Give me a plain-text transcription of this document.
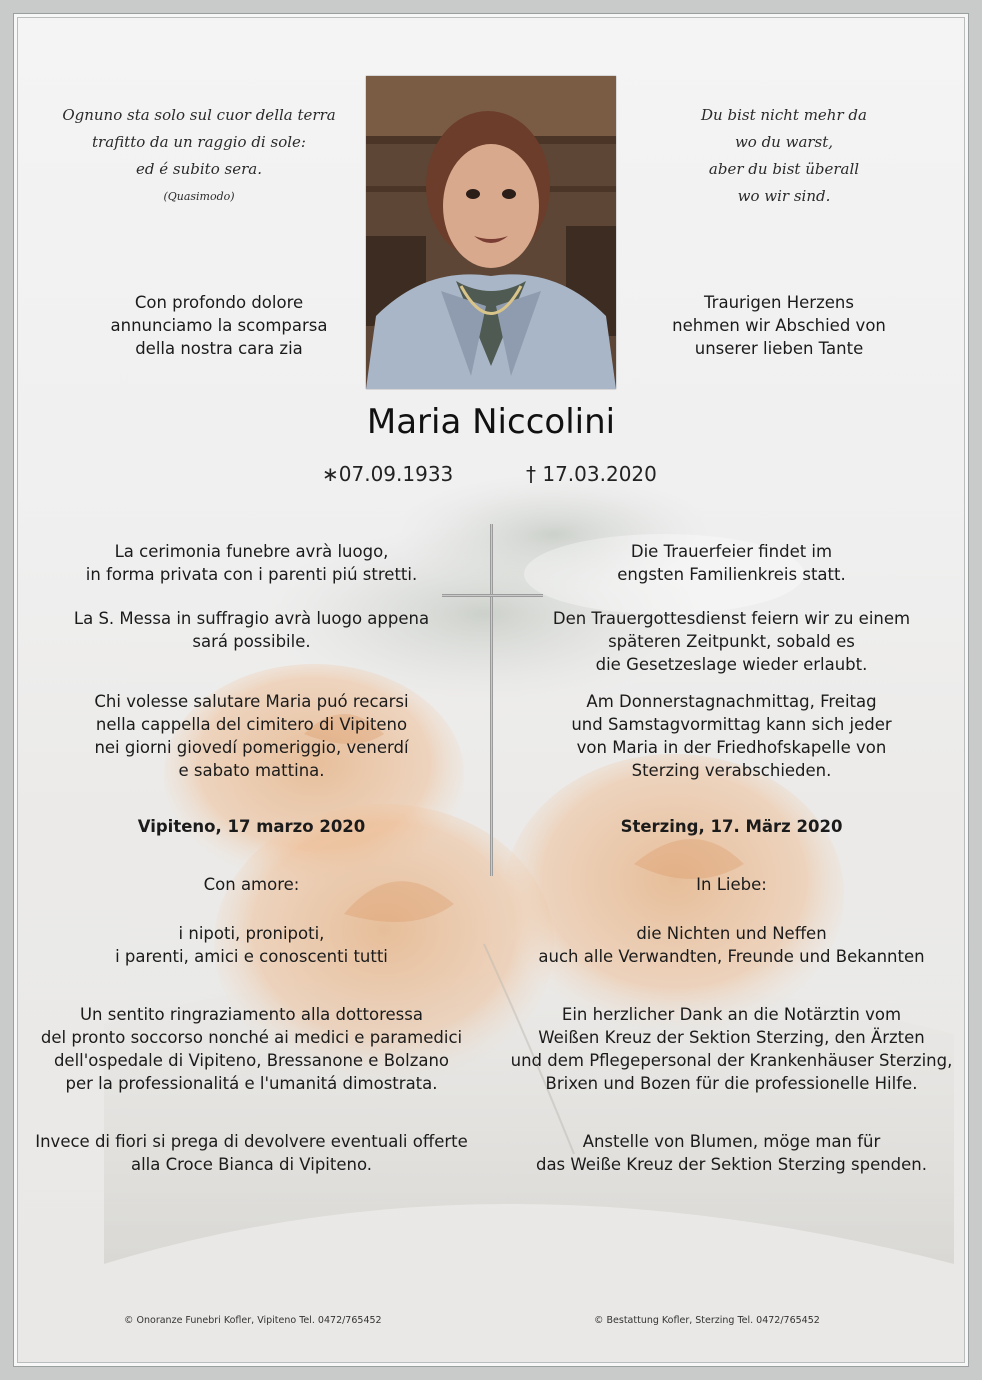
Ognuno sta solo sul cuor della terra

trafitto da un raggio di sole:

ed é subito sera.

(Quasimodo)

Du bist nicht mehr da

wo du warst,

aber du bist überall

wo wir sind.

Con profondo dolore

annunciamo la scomparsa

della nostra cara zia

Traurigen Herzens

nehmen wir Abschied von

unserer lieben Tante

Maria Niccolini
∗07.09.1933	† 17.03.2020

La cerimonia funebre avrà luogo,

in forma privata con i parenti piú stretti.

La S. Messa in suffragio avrà luogo appena

sará possibile.

Chi volesse salutare Maria puó recarsi

nella cappella del cimitero di Vipiteno

nei giorni giovedí pomeriggio, venerdí

e sabato mattina.

Vipiteno, 17 marzo 2020

Con amore:

i nipoti, pronipoti,

i parenti, amici e conoscenti tutti

Un sentito ringraziamento alla dottoressa

del pronto soccorso nonché ai medici e paramedici

dell'ospedale di Vipiteno, Bressanone e Bolzano

per la professionalitá e l'umanitá dimostrata.

Invece di fiori si prega di devolvere eventuali offerte

alla Croce Bianca di Vipiteno.

Die Trauerfeier findet im

engsten Familienkreis statt.

Den Trauergottesdienst feiern wir zu einem

späteren Zeitpunkt, sobald es

die Gesetzeslage wieder erlaubt.

Am Donnerstagnachmittag, Freitag

und Samstagvormittag kann sich jeder

von Maria in der Friedhofskapelle von

Sterzing verabschieden.

Sterzing, 17. März 2020

In Liebe:

die Nichten und Neffen

auch alle Verwandten, Freunde und Bekannten

Ein herzlicher Dank an die Notärztin vom

Weißen Kreuz der Sektion Sterzing, den Ärzten

und dem Pflegepersonal der Krankenhäuser Sterzing,

Brixen und Bozen für die professionelle Hilfe.

Anstelle von Blumen, möge man für

das Weiße Kreuz der Sektion Sterzing spenden.

© Onoranze Funebri Kofler, Vipiteno Tel. 0472/765452	© Bestattung Kofler, Sterzing Tel. 0472/765452
